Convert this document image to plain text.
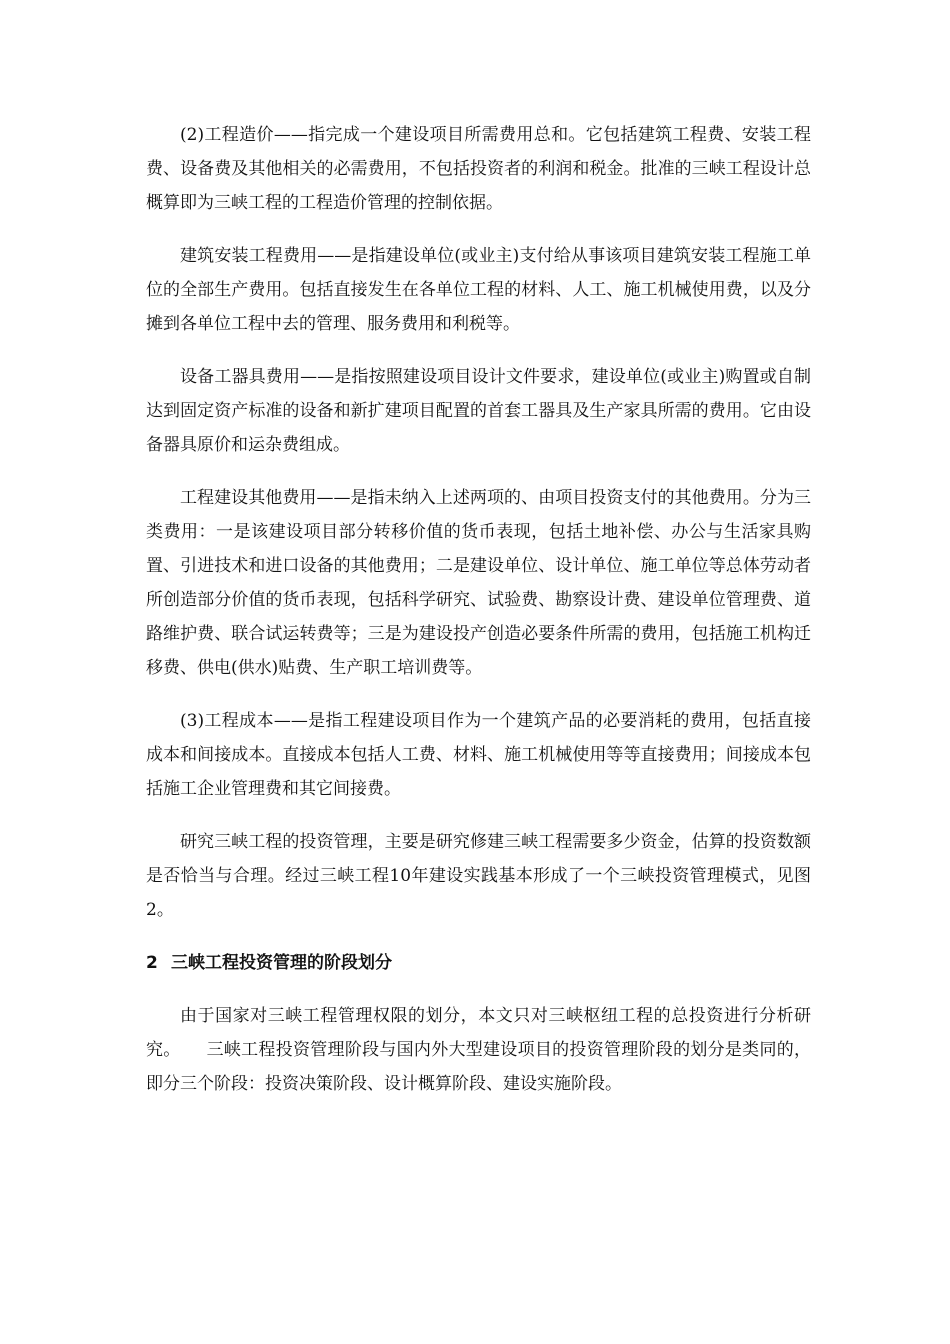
(2)工程造价——指完成一个建设项目所需费用总和。它包括建筑工程费、安装工程费、设备费及其他相关的必需费用，不包括投资者的利润和税金。批准的三峡工程设计总概算即为三峡工程的工程造价管理的控制依据。

建筑安装工程费用——是指建设单位(或业主)支付给从事该项目建筑安装工程施工单位的全部生产费用。包括直接发生在各单位工程的材料、人工、施工机械使用费，以及分摊到各单位工程中去的管理、服务费用和利税等。

设备工器具费用——是指按照建设项目设计文件要求，建设单位(或业主)购置或自制达到固定资产标准的设备和新扩建项目配置的首套工器具及生产家具所需的费用。它由设备器具原价和运杂费组成。

工程建设其他费用——是指未纳入上述两项的、由项目投资支付的其他费用。分为三类费用：一是该建设项目部分转移价值的货币表现，包括土地补偿、办公与生活家具购置、引进技术和进口设备的其他费用；二是建设单位、设计单位、施工单位等总体劳动者所创造部分价值的货币表现，包括科学研究、试验费、勘察设计费、建设单位管理费、道路维护费、联合试运转费等；三是为建设投产创造必要条件所需的费用，包括施工机构迁移费、供电(供水)贴费、生产职工培训费等。

(3)工程成本——是指工程建设项目作为一个建筑产品的必要消耗的费用，包括直接成本和间接成本。直接成本包括人工费、材料、施工机械使用等等直接费用；间接成本包括施工企业管理费和其它间接费。

研究三峡工程的投资管理，主要是研究修建三峡工程需要多少资金，估算的投资数额是否恰当与合理。经过三峡工程10年建设实践基本形成了一个三峡投资管理模式，见图2。

2 三峡工程投资管理的阶段划分

由于国家对三峡工程管理权限的划分，本文只对三峡枢纽工程的总投资进行分析研究。　　三峡工程投资管理阶段与国内外大型建设项目的投资管理阶段的划分是类同的，即分三个阶段：投资决策阶段、设计概算阶段、建设实施阶段。
